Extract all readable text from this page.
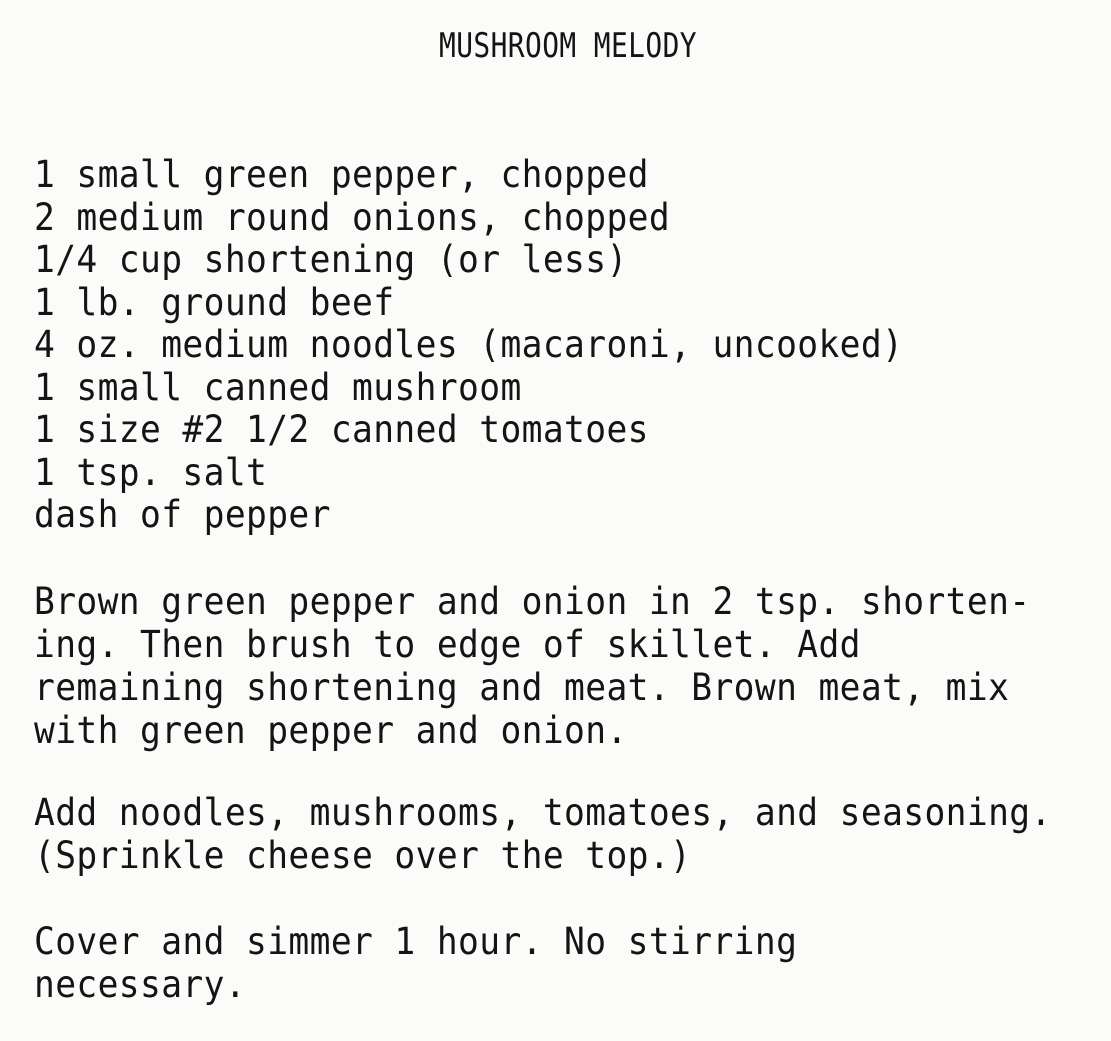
MUSHROOM MELODY
1 small green pepper, chopped
2 medium round onions, chopped
1/4 cup shortening (or less)
1 lb. ground beef
4 oz. medium noodles (macaroni, uncooked)
1 small canned mushroom
1 size #2 1/2 canned tomatoes
1 tsp. salt
dash of pepper

Brown green pepper and onion in 2 tsp. shorten-
ing. Then brush to edge of skillet. Add
remaining shortening and meat. Brown meat, mix
with green pepper and onion.

Add noodles, mushrooms, tomatoes, and seasoning.
(Sprinkle cheese over the top.)

Cover and simmer 1 hour. No stirring
necessary.
